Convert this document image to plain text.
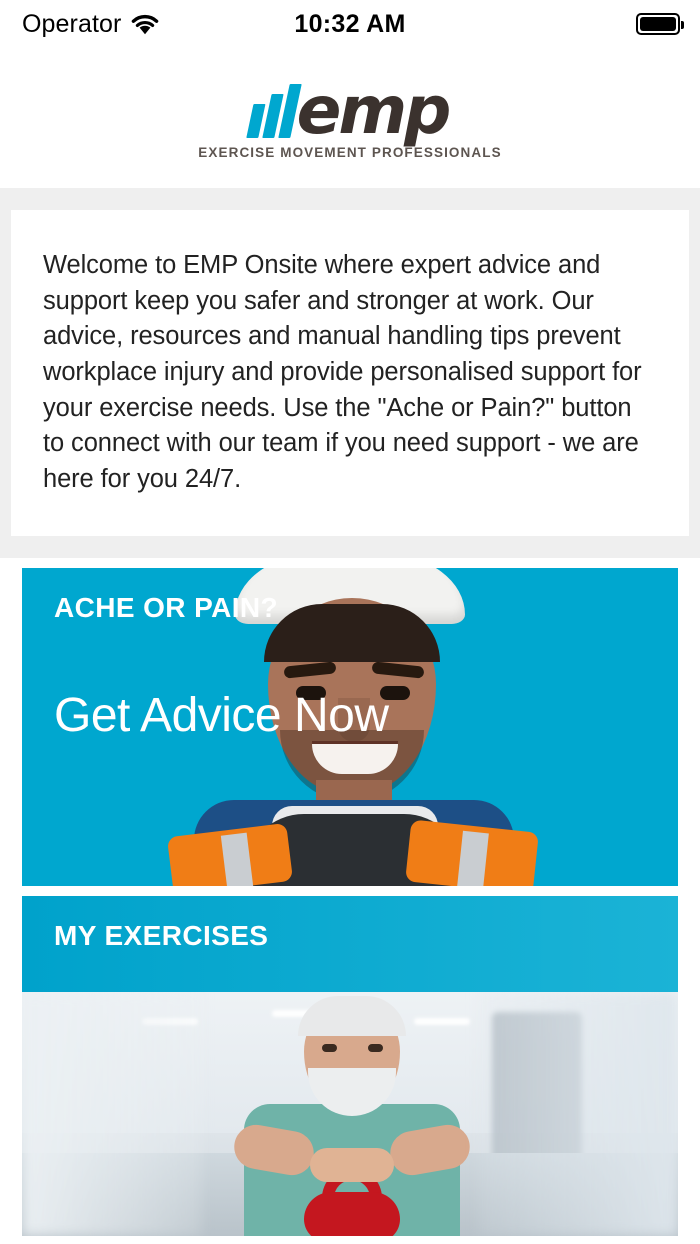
Operator	10:32 AM
emp
EXERCISE MOVEMENT PROFESSIONALS

Welcome to EMP Onsite where expert advice and support keep you safer and stronger at work. Our advice, resources and manual handling tips prevent workplace injury and provide personalised support for your exercise needs. Use the "Ache or Pain?" button to connect with our team if you need support - we are here for you 24/7.

ACHE OR PAIN?
Get Advice Now
MY EXERCISES
